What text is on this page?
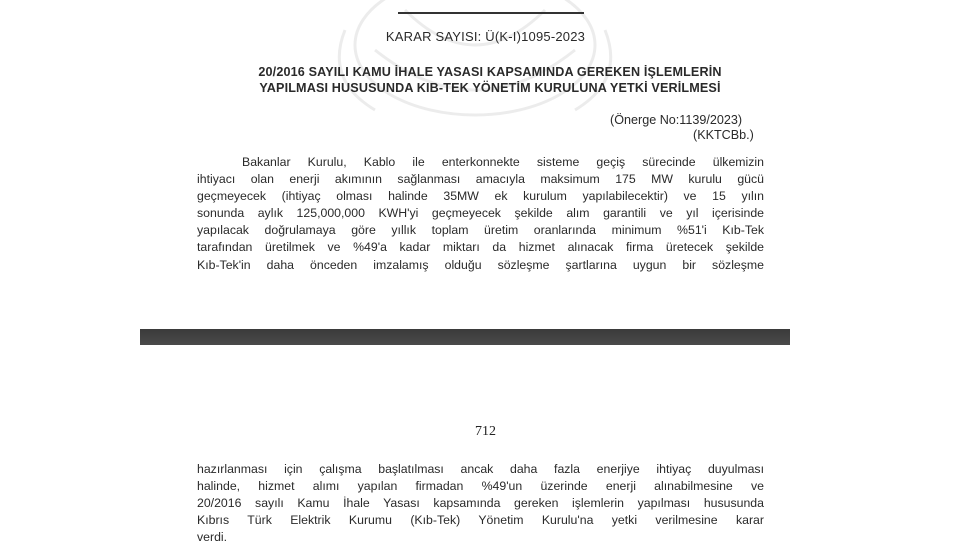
KARAR SAYISI: Ü(K-I)1095-2023
20/2016 SAYILI KAMU İHALE YASASI KAPSAMINDA GEREKEN İŞLEMLERİN
YAPILMASI HUSUSUNDA KIB-TEK YÖNETİM KURULUNA YETKİ VERİLMESİ
(Önerge No:1139/2023)
(KKTCBb.)
Bakanlar Kurulu, Kablo ile enterkonnekte sisteme geçiş sürecinde ülkemizin
ihtiyacı olan enerji akımının sağlanması amacıyla maksimum 175 MW kurulu gücü
geçmeyecek (ihtiyaç olması halinde 35MW ek kurulum yapılabilecektir) ve 15 yılın
sonunda aylık 125,000,000 KWH'yi geçmeyecek şekilde alım garantili ve yıl içerisinde
yapılacak doğrulamaya göre yıllık toplam üretim oranlarında minimum %51'i Kıb-Tek
tarafından üretilmek ve %49'a kadar miktarı da hizmet alınacak firma üretecek şekilde
Kıb-Tek'in daha önceden imzalamış olduğu sözleşme şartlarına uygun bir sözleşme
712
hazırlanması için çalışma başlatılması ancak daha fazla enerjiye ihtiyaç duyulması
halinde, hizmet alımı yapılan firmadan %49'un üzerinde enerji alınabilmesine ve
20/2016 sayılı Kamu İhale Yasası kapsamında gereken işlemlerin yapılması hususunda
Kıbrıs Türk Elektrik Kurumu (Kıb-Tek) Yönetim Kurulu'na yetki verilmesine karar
verdi.
